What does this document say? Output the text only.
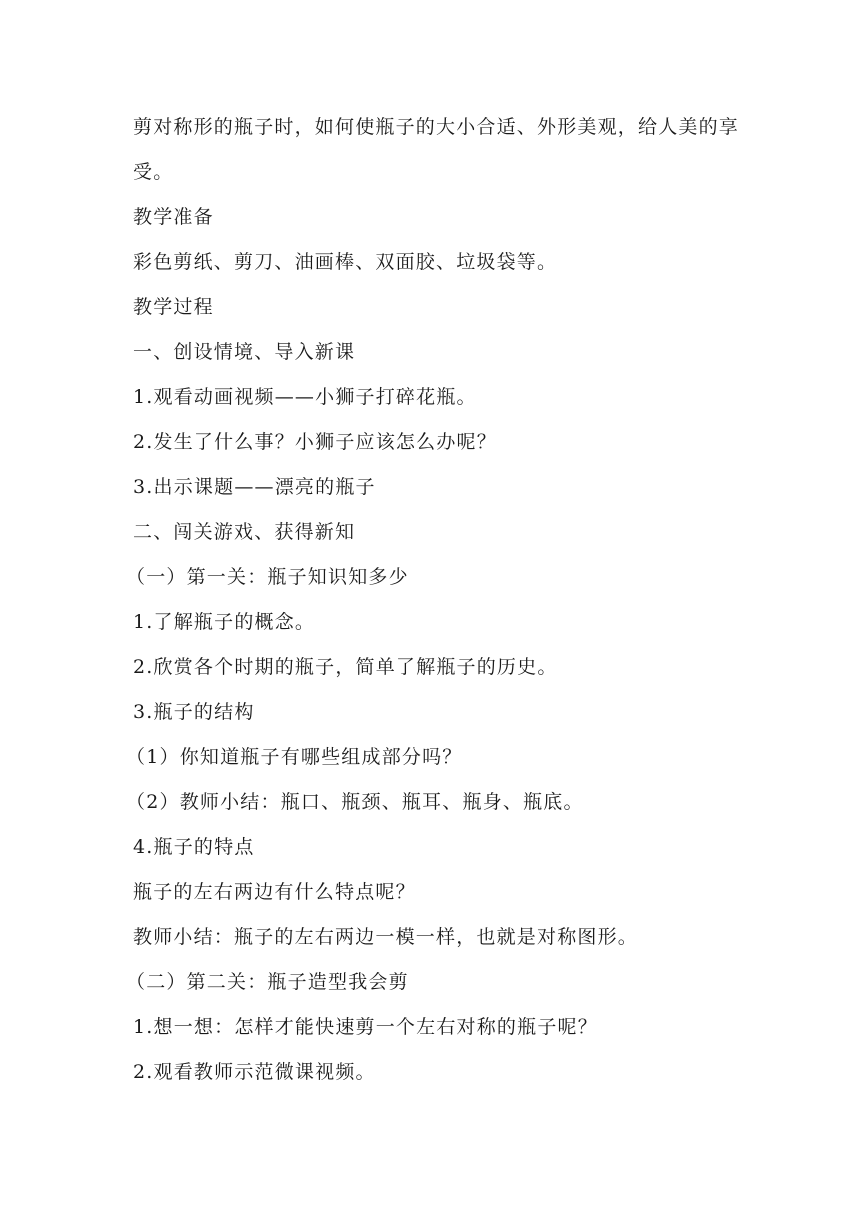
剪对称形的瓶子时，如何使瓶子的大小合适、外形美观，给人美的享
受。
教学准备
彩色剪纸、剪刀、油画棒、双面胶、垃圾袋等。
教学过程
一、创设情境、导入新课
1.观看动画视频——小狮子打碎花瓶。
2.发生了什么事？小狮子应该怎么办呢？
3.出示课题——漂亮的瓶子
二、闯关游戏、获得新知
（一）第一关：瓶子知识知多少
1.了解瓶子的概念。
2.欣赏各个时期的瓶子，简单了解瓶子的历史。
3.瓶子的结构
（1）你知道瓶子有哪些组成部分吗？
（2）教师小结：瓶口、瓶颈、瓶耳、瓶身、瓶底。
4.瓶子的特点
瓶子的左右两边有什么特点呢？
教师小结：瓶子的左右两边一模一样，也就是对称图形。
（二）第二关：瓶子造型我会剪
1.想一想：怎样才能快速剪一个左右对称的瓶子呢？
2.观看教师示范微课视频。
